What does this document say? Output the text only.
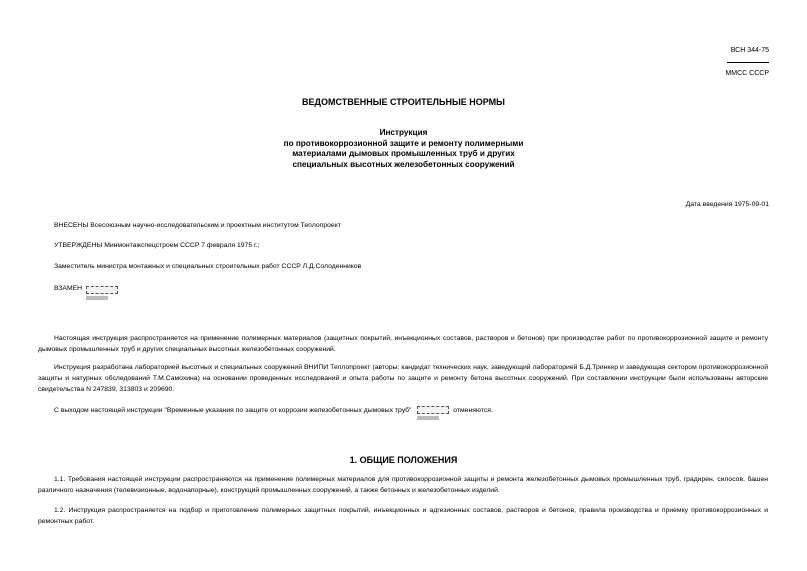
ВСН 344-75
ММСС СССР
ВЕДОМСТВЕННЫЕ СТРОИТЕЛЬНЫЕ НОРМЫ
Инструкция
по противокоррозионной защите и ремонту полимерными
материалами дымовых промышленных труб и других
специальных высотных железобетонных сооружений
Дата введения 1975-09-01
ВНЕСЕНЫ Всесоюзным научно-исследовательским и проектным институтом Теплопроект
УТВЕРЖДЕНЫ Минмонтажспецстроем СССР 7 февраля 1975 г.;
Заместитель министра монтажных и специальных строительных работ СССР Л.Д.Солоденников
ВЗАМЕН
Настоящая инструкция распространяется на применение полимерных материалов (защитных покрытий, инъекционных составов, растворов и бетонов) при производстве работ по противокоррозионной защите и ремонту дымовых промышленных труб и других специальных высотных железобетонных сооружений.
Инструкция разработана лабораторией высотных и специальных сооружений ВНИПИ Теплопроект (авторы: кандидат технических наук, заведующий лабораторией Б.Д.Тринкер и заведующая сектором противокоррозионной защиты и натурных обследований Т.М.Самохина) на основании проведенных исследований и опыта работы по защите и ремонту бетона высотных сооружений. При составлении инструкции были использованы авторские свидетельства N 247839, 313803 и 209690.
С выходом настоящей инструкции "Временные указания по защите от коррозии железобетонных дымовых труб"	отменяются.
1. ОБЩИЕ ПОЛОЖЕНИЯ
1.1. Требования настоящей инструкции распространяются на применение полимерных материалов для противокоррозионной защиты и ремонта железобетонных дымовых промышленных труб, градирен, силосов, башен различного назначения (телевизионные, водонапорные), конструкций промышленных сооружений, а также бетонных и железобетонных изделий.
1.2. Инструкция распространяется на подбор и приготовление полимерных защитных покрытий, инъекционных и адгезионных составов, растворов и бетонов, правила производства и приемку противокоррозионных и ремонтных работ.
